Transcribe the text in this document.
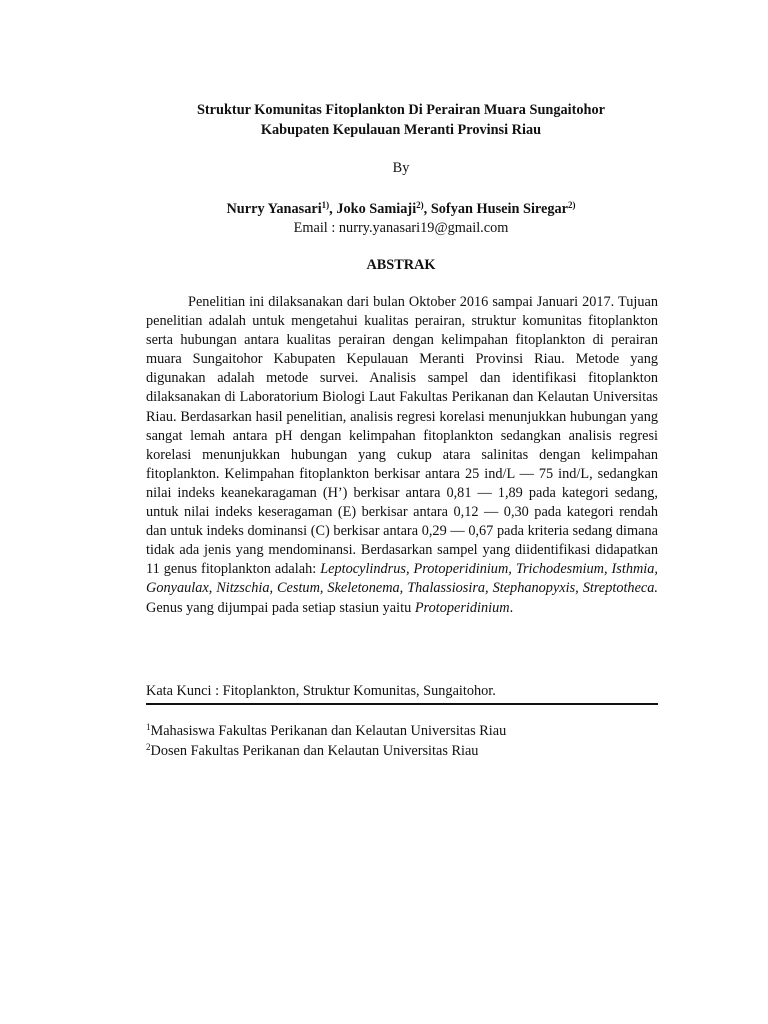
Struktur Komunitas Fitoplankton Di Perairan Muara Sungaitohor
Kabupaten Kepulauan Meranti Provinsi Riau
By
Nurry Yanasari$^{1)}$, Joko Samiaji$^{2)}$, Sofyan Husein Siregar$^{2)}$
Email : nurry.yanasari19@gmail.com
ABSTRAK

Penelitian ini dilaksanakan dari bulan Oktober 2016 sampai Januari 2017. Tujuan penelitian adalah untuk mengetahui kualitas perairan, struktur komunitas fitoplankton serta hubungan antara kualitas perairan dengan kelimpahan fitoplankton di perairan muara Sungaitohor Kabupaten Kepulauan Meranti Provinsi Riau. Metode yang digunakan adalah metode survei. Analisis sampel dan identifikasi fitoplankton dilaksanakan di Laboratorium Biologi Laut Fakultas Perikanan dan Kelautan Universitas Riau. Berdasarkan hasil penelitian, analisis regresi korelasi menunjukkan hubungan yang sangat lemah antara pH dengan kelimpahan fitoplankton sedangkan analisis regresi korelasi menunjukkan hubungan yang cukup atara salinitas dengan kelimpahan fitoplankton. Kelimpahan fitoplankton berkisar antara 25 ind/L — 75 ind/L, sedangkan nilai indeks keanekaragaman (H’) berkisar antara 0,81 — 1,89 pada kategori sedang, untuk nilai indeks keseragaman (E) berkisar antara 0,12 — 0,30 pada kategori rendah dan untuk indeks dominansi (C) berkisar antara 0,29 — 0,67 pada kriteria sedang dimana tidak ada jenis yang mendominansi. Berdasarkan sampel yang diidentifikasi didapatkan 11 genus fitoplankton adalah: Leptocylindrus, Protoperidinium, Trichodesmium, Isthmia, Gonyaulax, Nitzschia, Cestum, Skeletonema, Thalassiosira, Stephanopyxis, Streptotheca. Genus yang dijumpai pada setiap stasiun yaitu Protoperidinium.

Kata Kunci : Fitoplankton, Struktur Komunitas, Sungaitohor.
$^1$Mahasiswa Fakultas Perikanan dan Kelautan Universitas Riau
$^2$Dosen Fakultas Perikanan dan Kelautan Universitas Riau
